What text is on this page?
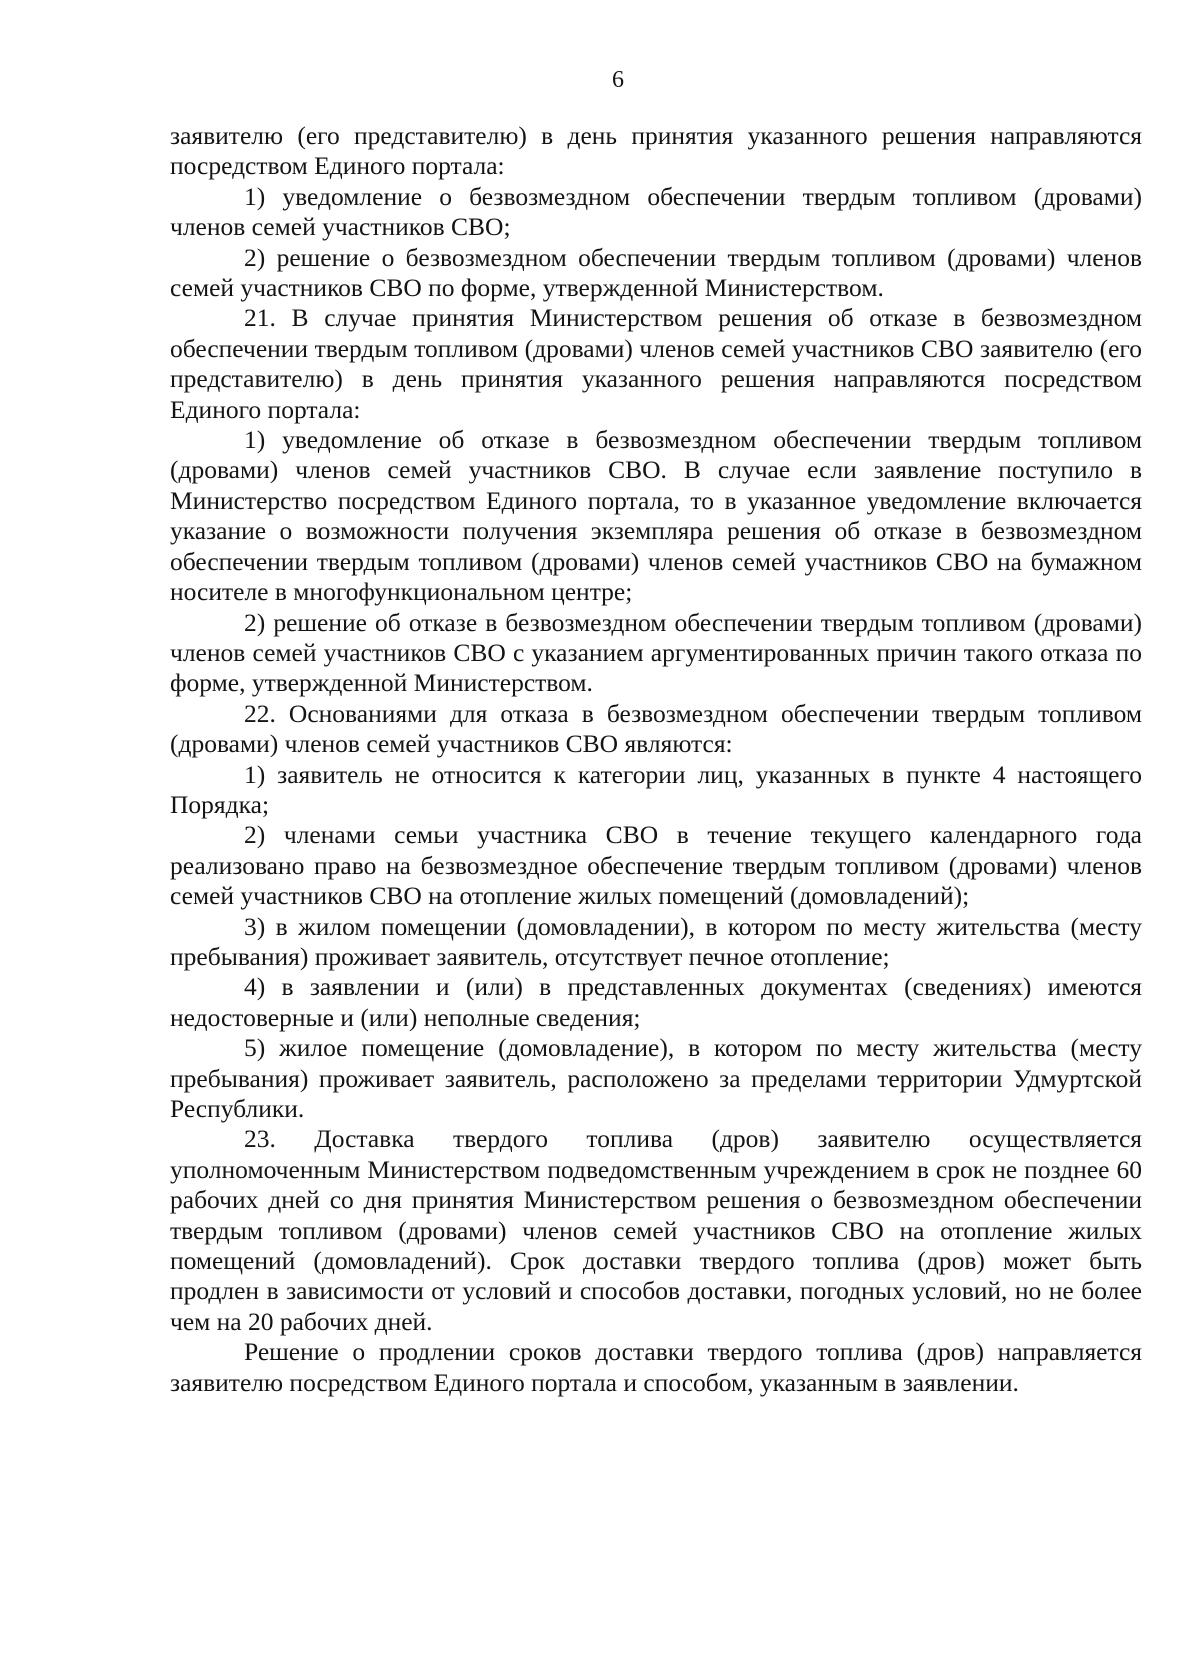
6

заявителю (его представителю) в день принятия указанного решения направляются посредством Единого портала:

1) уведомление о безвозмездном обеспечении твердым топливом (дровами) членов семей участников СВО;

2) решение о безвозмездном обеспечении твердым топливом (дровами) членов семей участников СВО по форме, утвержденной Министерством.

21. В случае принятия Министерством решения об отказе в безвозмездном обеспечении твердым топливом (дровами) членов семей участников СВО заявителю (его представителю) в день принятия указанного решения направляются посредством Единого портала:

1) уведомление об отказе в безвозмездном обеспечении твердым топливом (дровами) членов семей участников СВО. В случае если заявление поступило в Министерство посредством Единого портала, то в указанное уведомление включается указание о возможности получения экземпляра решения об отказе в безвозмездном обеспечении твердым топливом (дровами) членов семей участников СВО на бумажном носителе в многофункциональном центре;

2) решение об отказе в безвозмездном обеспечении твердым топливом (дровами) членов семей участников СВО с указанием аргументированных причин такого отказа по форме, утвержденной Министерством.

22. Основаниями для отказа в безвозмездном обеспечении твердым топливом (дровами) членов семей участников СВО являются:

1) заявитель не относится к категории лиц, указанных в пункте 4 настоящего Порядка;

2) членами семьи участника СВО в течение текущего календарного года реализовано право на безвозмездное обеспечение твердым топливом (дровами) членов семей участников СВО на отопление жилых помещений (домовладений);

3) в жилом помещении (домовладении), в котором по месту жительства (месту пребывания) проживает заявитель, отсутствует печное отопление;

4) в заявлении и (или) в представленных документах (сведениях) имеются недостоверные и (или) неполные сведения;

5) жилое помещение (домовладение), в котором по месту жительства (месту пребывания) проживает заявитель, расположено за пределами территории Удмуртской Республики.

23. Доставка твердого топлива (дров) заявителю осуществляется уполномоченным Министерством подведомственным учреждением в срок не позднее 60 рабочих дней со дня принятия Министерством решения о безвозмездном обеспечении твердым топливом (дровами) членов семей участников СВО на отопление жилых помещений (домовладений). Срок доставки твердого топлива (дров) может быть продлен в зависимости от условий и способов доставки, погодных условий, но не более чем на 20 рабочих дней.

Решение о продлении сроков доставки твердого топлива (дров) направляется заявителю посредством Единого портала и способом, указанным в заявлении.
